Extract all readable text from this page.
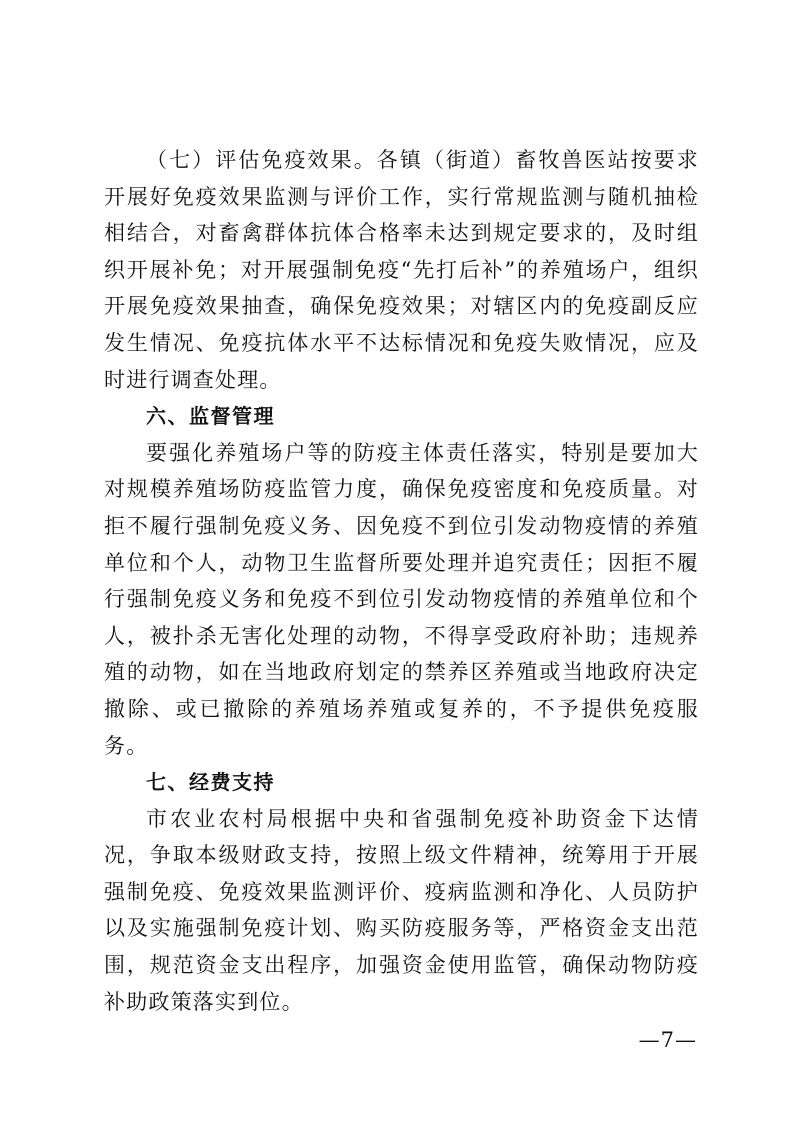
（七）评估免疫效果。各镇（街道）畜牧兽医站按要求开展好免疫效果监测与评价工作，实行常规监测与随机抽检相结合，对畜禽群体抗体合格率未达到规定要求的，及时组织开展补免；对开展强制免疫“先打后补”的养殖场户，组织开展免疫效果抽查，确保免疫效果；对辖区内的免疫副反应发生情况、免疫抗体水平不达标情况和免疫失败情况，应及时进行调查处理。

六、监督管理

要强化养殖场户等的防疫主体责任落实，特别是要加大对规模养殖场防疫监管力度，确保免疫密度和免疫质量。对拒不履行强制免疫义务、因免疫不到位引发动物疫情的养殖单位和个人，动物卫生监督所要处理并追究责任；因拒不履行强制免疫义务和免疫不到位引发动物疫情的养殖单位和个人，被扑杀无害化处理的动物，不得享受政府补助；违规养殖的动物，如在当地政府划定的禁养区养殖或当地政府决定撤除、或已撤除的养殖场养殖或复养的，不予提供免疫服务。

七、经费支持

市农业农村局根据中央和省强制免疫补助资金下达情况，争取本级财政支持，按照上级文件精神，统筹用于开展强制免疫、免疫效果监测评价、疫病监测和净化、人员防护以及实施强制免疫计划、购买防疫服务等，严格资金支出范围，规范资金支出程序，加强资金使用监管，确保动物防疫补助政策落实到位。

—7—
